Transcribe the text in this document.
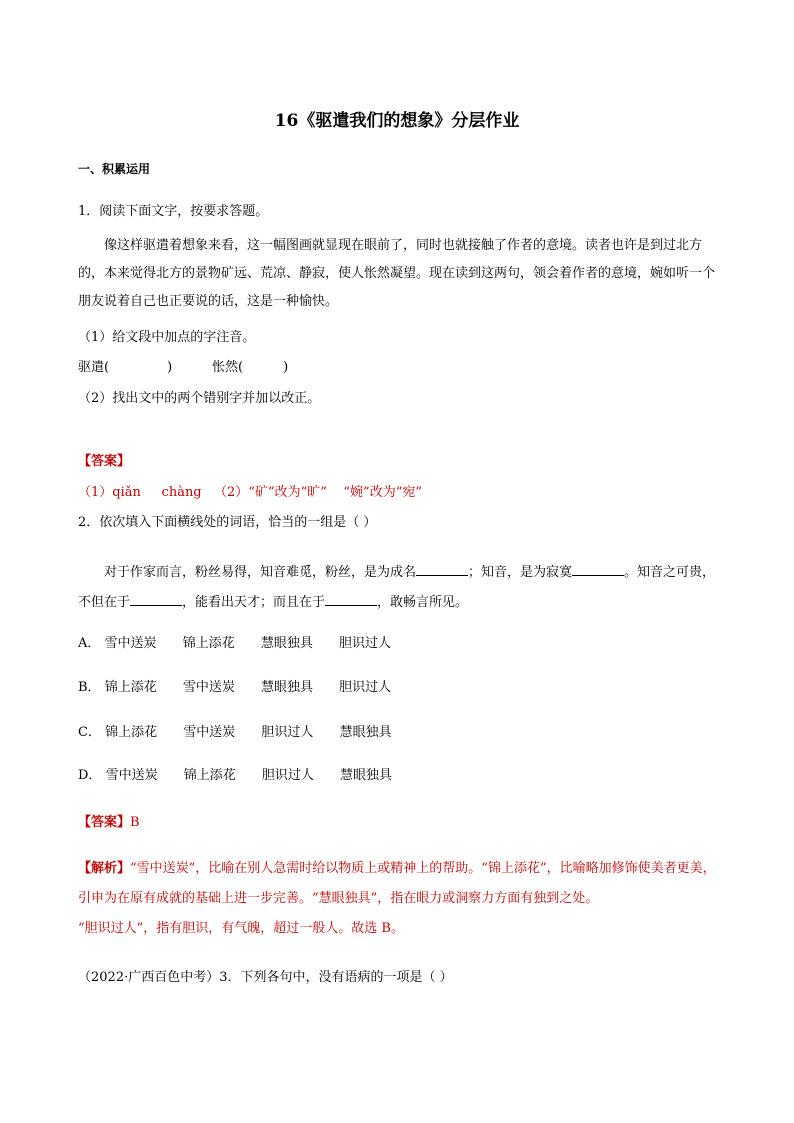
16《驱遣我们的想象》分层作业
一、积累运用
1．阅读下面文字，按要求答题。

像这样驱遣着想象来看，这一幅图画就显现在眼前了，同时也就接触了作者的意境。读者也许是到过北方的，本来觉得北方的景物矿远、荒凉、静寂，使人怅然凝望。现在读到这两句，领会着作者的意境，婉如听一个朋友说着自己也正要说的话，这是一种愉快。

（1）给文段中加点的字注音。
驱遣(	)	怅然(	)
（2）找出文中的两个错别字并加以改正。
【答案】
（1）qiǎn     chàng   （2）“矿”改为“旷”    “婉”改为“宛”
2．依次填入下面横线处的词语，恰当的一组是（ ）

对于作家而言，粉丝易得，知音难觅，粉丝，是为成名	；知音，是为寂寞	。知音之可贵，不但在于	，能看出天才；而且在于	，敢畅言所见。

A． 雪中送炭 锦上添花 慧眼独具 胆识过人
B． 锦上添花 雪中送炭 慧眼独具 胆识过人
C． 锦上添花 雪中送炭 胆识过人 慧眼独具
D． 雪中送炭 锦上添花 胆识过人 慧眼独具
【答案】B

【解析】“雪中送炭”，比喻在别人急需时给以物质上或精神上的帮助。“锦上添花”，比喻略加修饰使美者更美，引申为在原有成就的基础上进一步完善。“慧眼独具”，指在眼力或洞察力方面有独到之处。

“胆识过人”，指有胆识，有气魄，超过一般人。故选 B。

（2022·广西百色中考）3．下列各句中，没有语病的一项是（ ）
